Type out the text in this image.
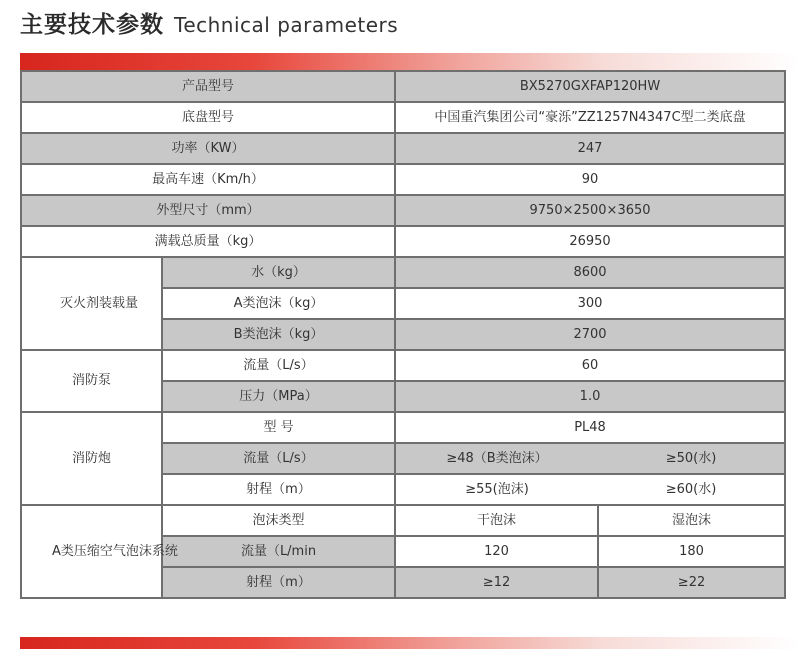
主要技术参数 Technical parameters
产品型号		BX5270GXFAP120HW	
底盘型号		中国重汽集团公司“豪泺”ZZ1257N4347C型二类底盘	
功率（KW）		247	
最高车速（Km/h）		90	
外型尺寸（mm）		9750×2500×3650	
满载总质量（kg）		26950	
灭火剂装载量	水（kg）	8600	
	A类泡沫（kg）	300	
	B类泡沫（kg）	2700	
消防泵	流量（L/s）	60	
	压力（MPa）	1.0	
消防炮	型 号	PL48	
	流量（L/s）	≥48（B类泡沫）	≥50(水)
	射程（m）	≥55(泡沫)	≥60(水)
A类压缩空气泡沫系统	泡沫类型	干泡沫	湿泡沫
	流量（L/min	120	180
	射程（m）	≥12	≥22
